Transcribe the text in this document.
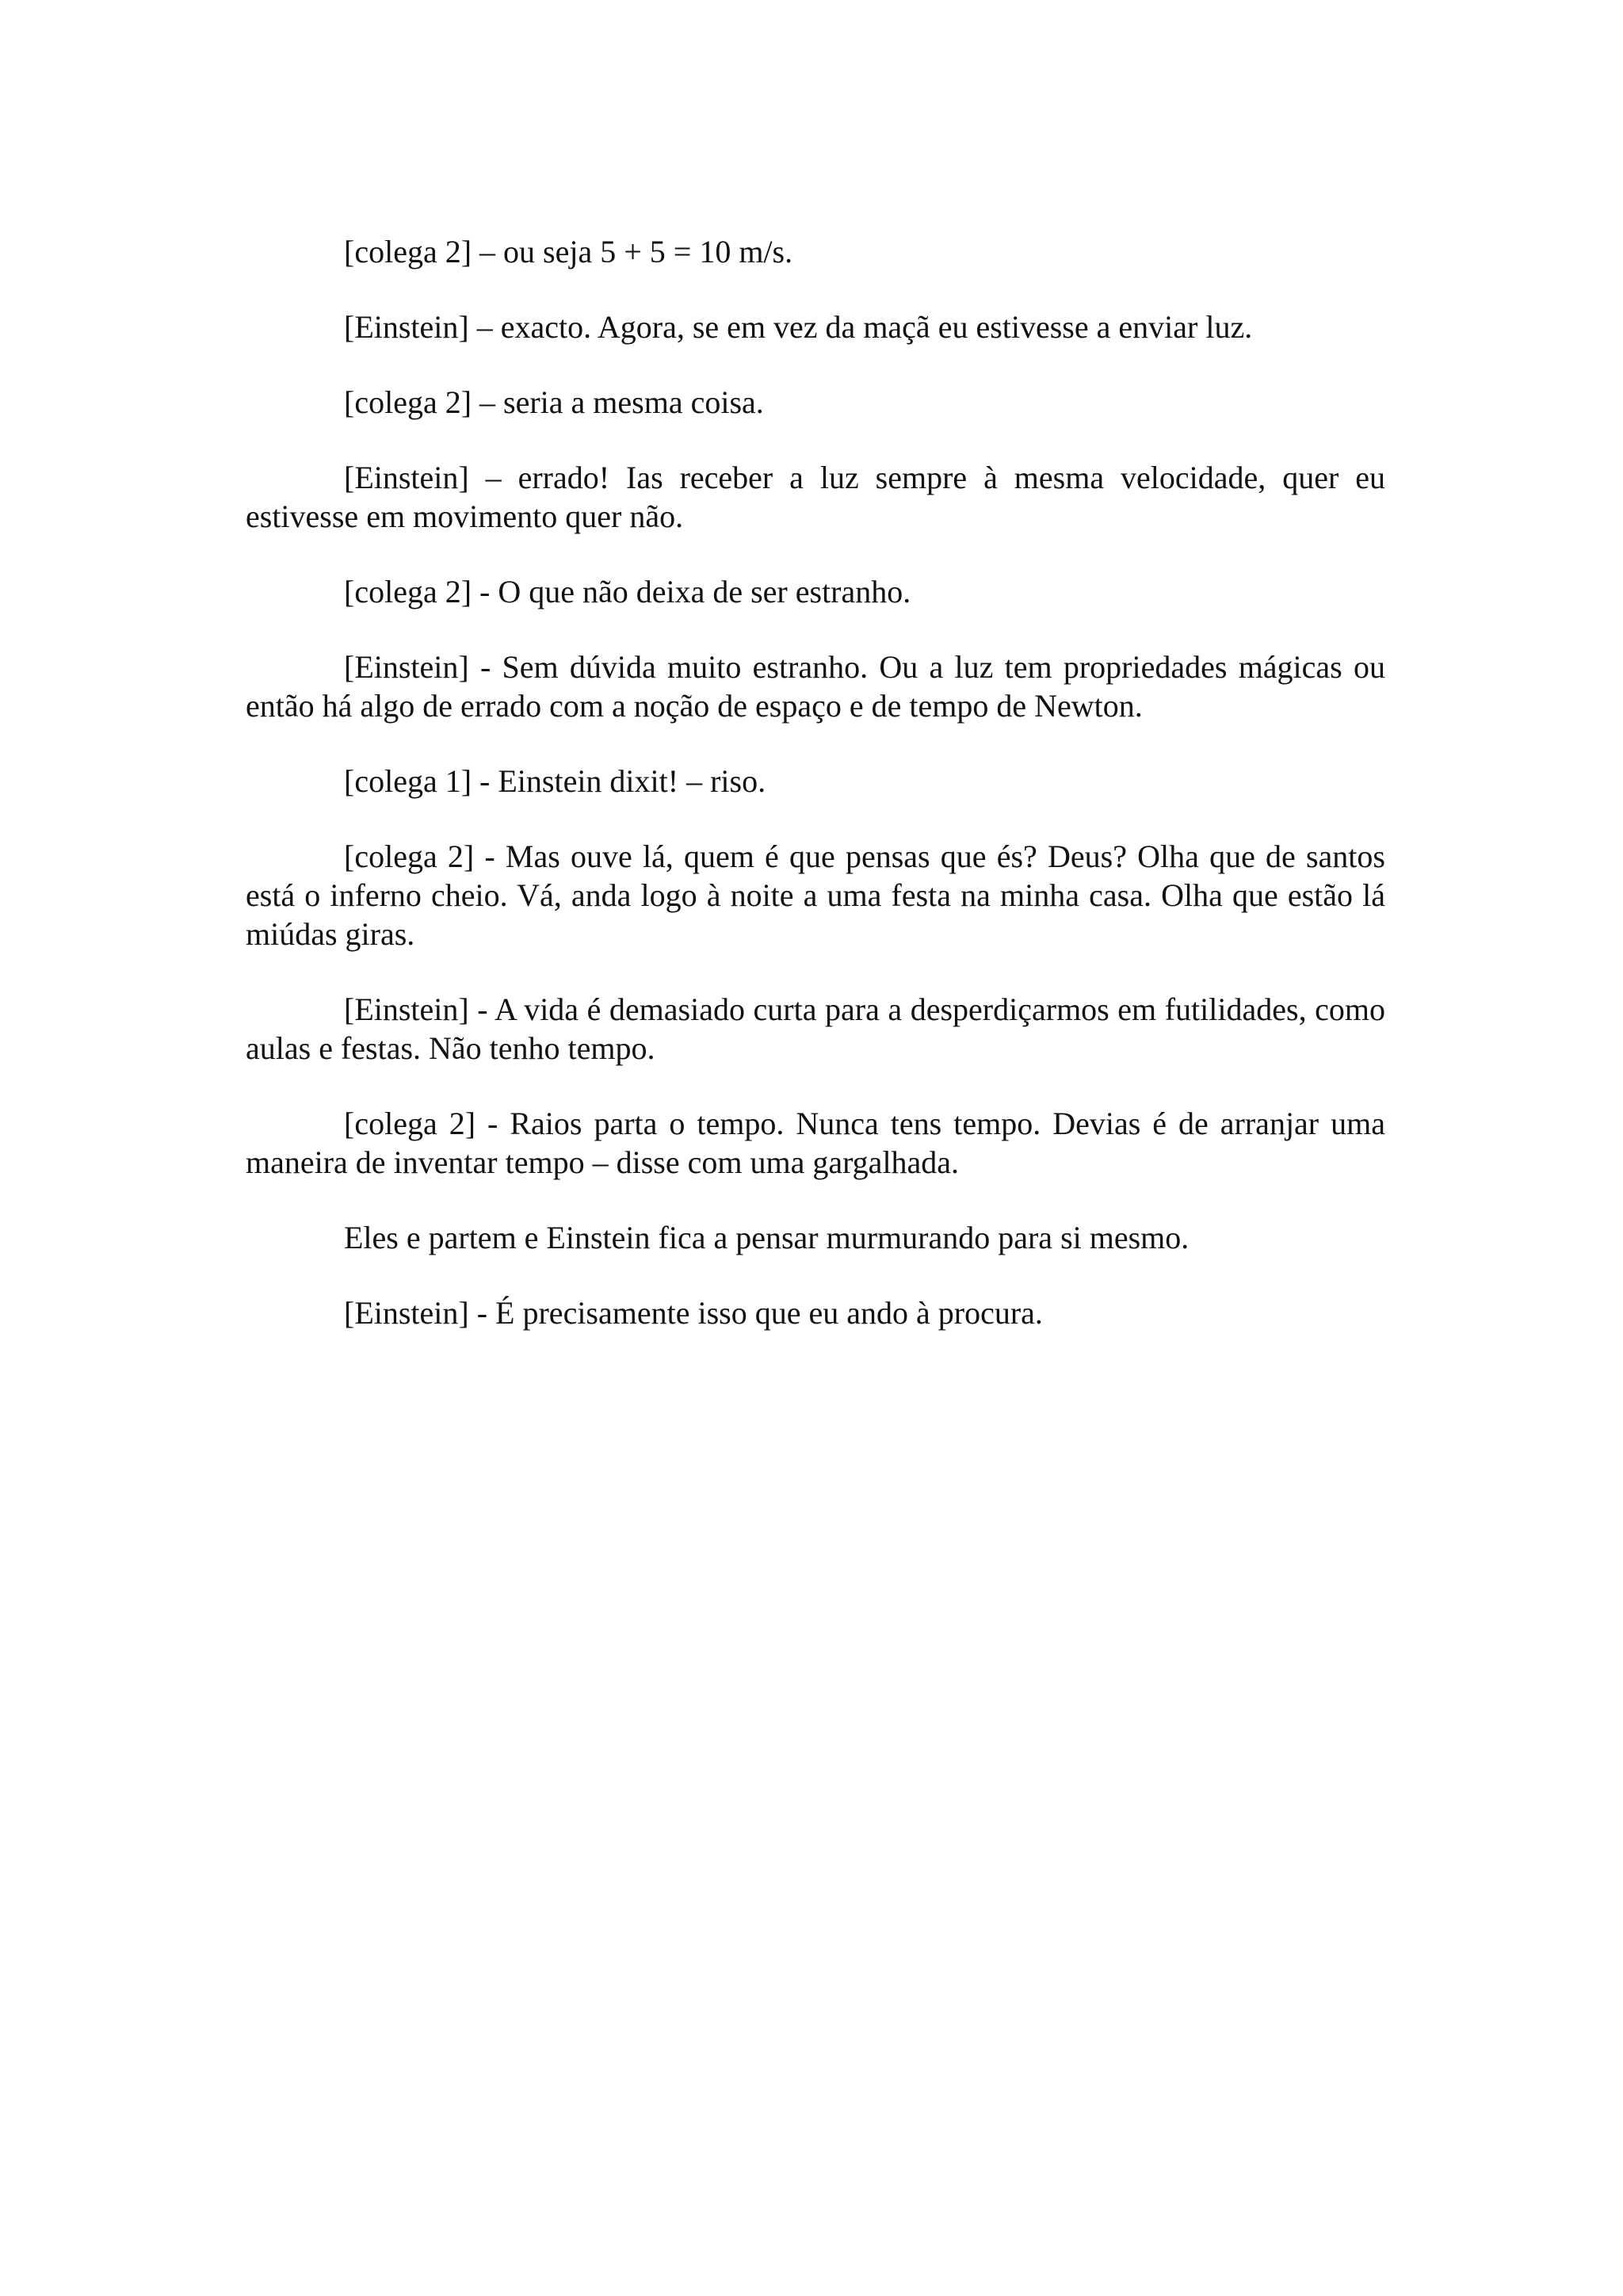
[colega 2] – ou seja 5 + 5 = 10 m/s.

[Einstein] – exacto. Agora, se em vez da maçã eu estivesse a enviar luz.

[colega 2] – seria a mesma coisa.

[Einstein] – errado! Ias receber a luz sempre à mesma velocidade, quer eu estivesse em movimento quer não.

[colega 2] - O que não deixa de ser estranho.

[Einstein] - Sem dúvida muito estranho. Ou a luz tem propriedades mágicas ou então há algo de errado com a noção de espaço e de tempo de Newton.

[colega 1] - Einstein dixit! – riso.

[colega 2] - Mas ouve lá, quem é que pensas que és? Deus? Olha que de santos está o inferno cheio. Vá, anda logo à noite a uma festa na minha casa. Olha que estão lá miúdas giras.

[Einstein] - A vida é demasiado curta para a desperdiçarmos em futilidades, como aulas e festas. Não tenho tempo.

[colega 2] - Raios parta o tempo. Nunca tens tempo. Devias é de arranjar uma maneira de inventar tempo – disse com uma gargalhada.

Eles e partem e Einstein fica a pensar murmurando para si mesmo.

[Einstein] - É precisamente isso que eu ando à procura.
